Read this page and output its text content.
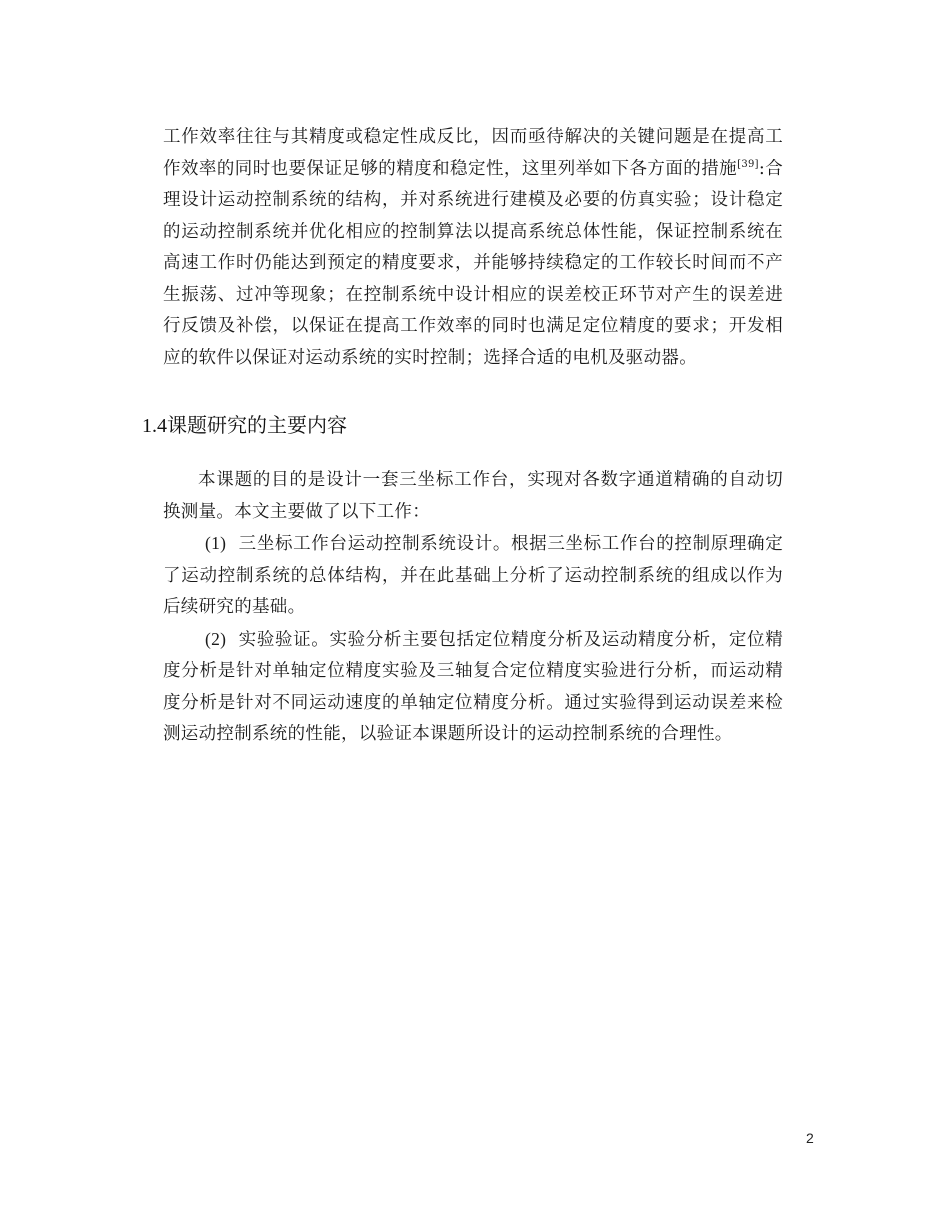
工作效率往往与其精度或稳定性成反比，因而亟待解决的关键问题是在提高工作效率的同时也要保证足够的精度和稳定性，这里列举如下各方面的措施[39]:合理设计运动控制系统的结构，并对系统进行建模及必要的仿真实验；设计稳定的运动控制系统并优化相应的控制算法以提高系统总体性能，保证控制系统在高速工作时仍能达到预定的精度要求，并能够持续稳定的工作较长时间而不产生振荡、过冲等现象；在控制系统中设计相应的误差校正环节对产生的误差进行反馈及补偿，以保证在提高工作效率的同时也满足定位精度的要求；开发相应的软件以保证对运动系统的实时控制；选择合适的电机及驱动器。

1.4课题研究的主要内容

本课题的目的是设计一套三坐标工作台，实现对各数字通道精确的自动切换测量。本文主要做了以下工作：

(1) 三坐标工作台运动控制系统设计。根据三坐标工作台的控制原理确定了运动控制系统的总体结构，并在此基础上分析了运动控制系统的组成以作为后续研究的基础。

(2) 实验验证。实验分析主要包括定位精度分析及运动精度分析，定位精度分析是针对单轴定位精度实验及三轴复合定位精度实验进行分析，而运动精度分析是针对不同运动速度的单轴定位精度分析。通过实验得到运动误差来检测运动控制系统的性能，以验证本课题所设计的运动控制系统的合理性。

2
